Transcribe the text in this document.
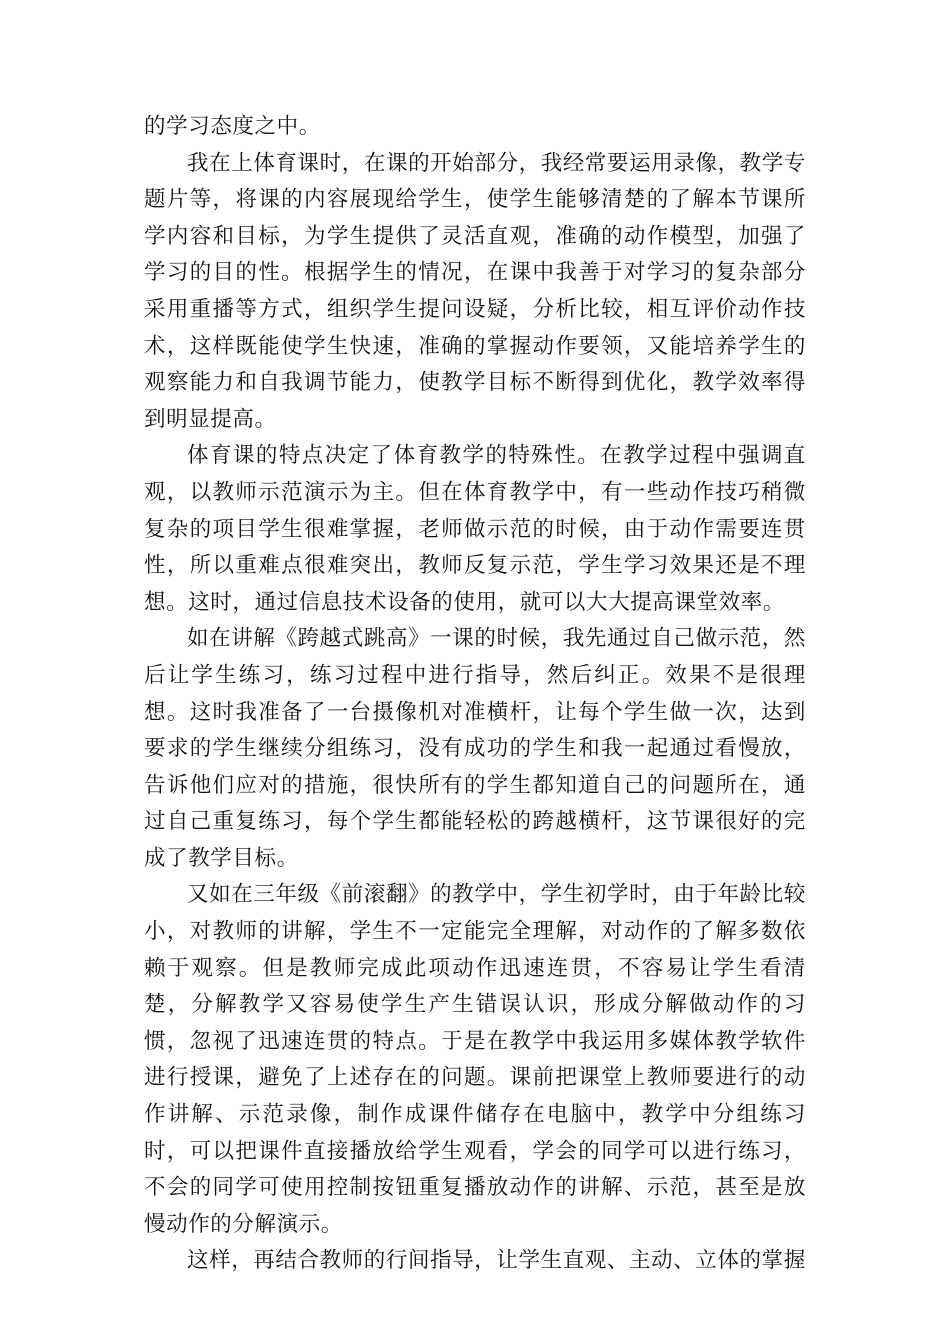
的学习态度之中。

我在上体育课时，在课的开始部分，我经常要运用录像，教学专题片等，将课的内容展现给学生，使学生能够清楚的了解本节课所学内容和目标，为学生提供了灵活直观，准确的动作模型，加强了学习的目的性。根据学生的情况，在课中我善于对学习的复杂部分采用重播等方式，组织学生提问设疑，分析比较，相互评价动作技术，这样既能使学生快速，准确的掌握动作要领，又能培养学生的观察能力和自我调节能力，使教学目标不断得到优化，教学效率得到明显提高。

体育课的特点决定了体育教学的特殊性。在教学过程中强调直观，以教师示范演示为主。但在体育教学中，有一些动作技巧稍微复杂的项目学生很难掌握，老师做示范的时候，由于动作需要连贯性，所以重难点很难突出，教师反复示范，学生学习效果还是不理想。这时，通过信息技术设备的使用，就可以大大提高课堂效率。

如在讲解《跨越式跳高》一课的时候，我先通过自己做示范，然后让学生练习，练习过程中进行指导，然后纠正。效果不是很理想。这时我准备了一台摄像机对准横杆，让每个学生做一次，达到要求的学生继续分组练习，没有成功的学生和我一起通过看慢放，告诉他们应对的措施，很快所有的学生都知道自己的问题所在，通过自己重复练习，每个学生都能轻松的跨越横杆，这节课很好的完成了教学目标。

又如在三年级《前滚翻》的教学中，学生初学时，由于年龄比较小，对教师的讲解，学生不一定能完全理解，对动作的了解多数依赖于观察。但是教师完成此项动作迅速连贯，不容易让学生看清楚，分解教学又容易使学生产生错误认识，形成分解做动作的习惯，忽视了迅速连贯的特点。于是在教学中我运用多媒体教学软件进行授课，避免了上述存在的问题。课前把课堂上教师要进行的动作讲解、示范录像，制作成课件储存在电脑中，教学中分组练习时，可以把课件直接播放给学生观看，学会的同学可以进行练习，不会的同学可使用控制按钮重复播放动作的讲解、示范，甚至是放慢动作的分解演示。

这样，再结合教师的行间指导，让学生直观、主动、立体的掌握
